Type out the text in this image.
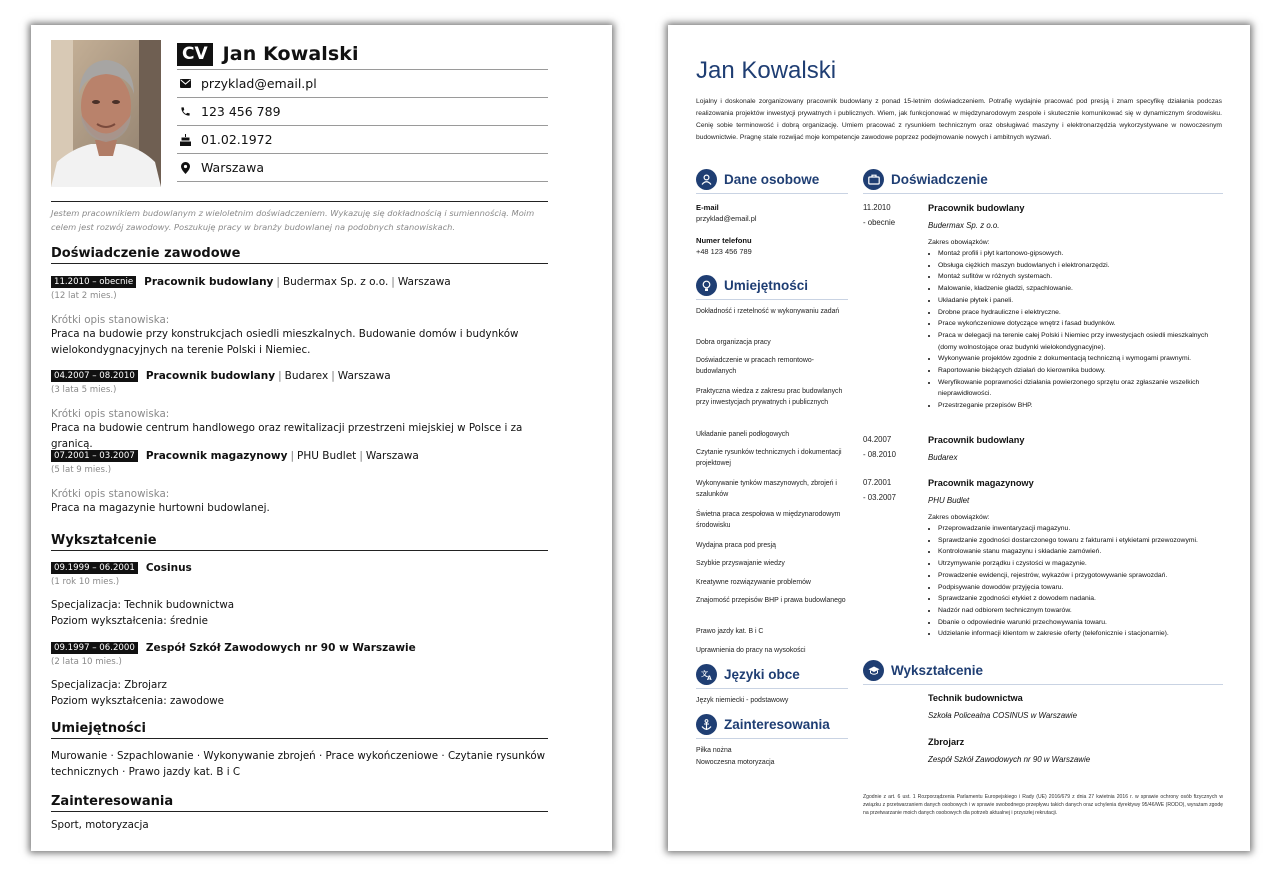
CV Jan Kowalski
przyklad@email.pl
123 456 789
01.02.1972
Warszawa
Jestem pracownikiem budowlanym z wieloletnim doświadczeniem. Wykazuję się dokładnością i sumiennością. Moim celem jest rozwój zawodowy. Poszukuję pracy w branży budowlanej na podobnych stanowiskach.
Doświadczenie zawodowe
11.2010 – obecnie Pracownik budowlany | Budermax Sp. z o.o. | Warszawa
(12 lat 2 mies.)
Krótki opis stanowiska:
Praca na budowie przy konstrukcjach osiedli mieszkalnych. Budowanie domów i budynków wielokondygnacyjnych na terenie Polski i Niemiec.
04.2007 – 08.2010 Pracownik budowlany | Budarex | Warszawa
(3 lata 5 mies.)
Krótki opis stanowiska:
Praca na budowie centrum handlowego oraz rewitalizacji przestrzeni miejskiej w Polsce i za granicą.
07.2001 – 03.2007 Pracownik magazynowy | PHU Budlet | Warszawa
(5 lat 9 mies.)
Krótki opis stanowiska:
Praca na magazynie hurtowni budowlanej.
Wykształcenie
09.1999 – 06.2001 Cosinus
(1 rok 10 mies.)
Specjalizacja: Technik budownictwa
Poziom wykształcenia: średnie
09.1997 – 06.2000 Zespół Szkół Zawodowych nr 90 w Warszawie
(2 lata 10 mies.)
Specjalizacja: Zbrojarz
Poziom wykształcenia: zawodowe
Umiejętności
Murowanie · Szpachlowanie · Wykonywanie zbrojeń · Prace wykończeniowe · Czytanie rysunków
technicznych · Prawo jazdy kat. B i C
Zainteresowania
Sport, motoryzacja
Jan Kowalski
Lojalny i doskonale zorganizowany pracownik budowlany z ponad 15-letnim doświadczeniem. Potrafię wydajnie pracować pod presją i znam specyfikę działania podczas realizowania projektów inwestycji prywatnych i publicznych. Wiem, jak funkcjonować w międzynarodowym zespole i skutecznie komunikować się w dynamicznym środowisku. Cenię sobie terminowość i dobrą organizację. Umiem pracować z rysunkiem technicznym oraz obsługiwać maszyny i elektronarzędzia wykorzystywane w nowoczesnym budownictwie. Pragnę stale rozwijać moje kompetencje zawodowe poprzez podejmowanie nowych i ambitnych wyzwań.
Dane osobowe
E-mail
przyklad@email.pl
Numer telefonu
+48 123 456 789
Umiejętności
Dokładność i rzetelność w wykonywaniu zadań
Dobra organizacja pracy
Doświadczenie w pracach remontowo-budowlanych
Praktyczna wiedza z zakresu prac budowlanych przy inwestycjach prywatnych i publicznych
Układanie paneli podłogowych
Czytanie rysunków technicznych i dokumentacji projektowej
Wykonywanie tynków maszynowych, zbrojeń i szalunków
Świetna praca zespołowa w międzynarodowym środowisku
Wydajna praca pod presją
Szybkie przyswajanie wiedzy
Kreatywne rozwiązywanie problemów
Znajomość przepisów BHP i prawa budowlanego
Prawo jazdy kat. B i C
Uprawnienia do pracy na wysokości
文
A Języki obce
Język niemiecki - podstawowy
Zainteresowania
Piłka nożna
Nowoczesna motoryzacja
Doświadczenie
11.2010
- obecnie
Pracownik budowlany
Budermax Sp. z o.o.
Zakres obowiązków:
• Montaż profili i płyt kartonowo-gipsowych.
• Obsługa ciężkich maszyn budowlanych i elektronarzędzi.
• Montaż sufitów w różnych systemach.
• Malowanie, kładzenie gładzi, szpachlowanie.
• Układanie płytek i paneli.
• Drobne prace hydrauliczne i elektryczne.
• Prace wykończeniowe dotyczące wnętrz i fasad budynków.
• Praca w delegacji na terenie całej Polski i Niemiec przy inwestycjach osiedli mieszkalnych (domy wolnostojące oraz budynki wielokondygnacyjne).
• Wykonywanie projektów zgodnie z dokumentacją techniczną i wymogami prawnymi.
• Raportowanie bieżących działań do kierownika budowy.
• Weryfikowanie poprawności działania powierzonego sprzętu oraz zgłaszanie wszelkich nieprawidłowości.
• Przestrzeganie przepisów BHP.
04.2007
- 08.2010
Pracownik budowlany
Budarex
07.2001
- 03.2007
Pracownik magazynowy
PHU Budlet
Zakres obowiązków:
• Przeprowadzanie inwentaryzacji magazynu.
• Sprawdzanie zgodności dostarczonego towaru z fakturami i etykietami przewozowymi.
• Kontrolowanie stanu magazynu i składanie zamówień.
• Utrzymywanie porządku i czystości w magazynie.
• Prowadzenie ewidencji, rejestrów, wykazów i przygotowywanie sprawozdań.
• Podpisywanie dowodów przyjęcia towaru.
• Sprawdzanie zgodności etykiet z dowodem nadania.
• Nadzór nad odbiorem technicznym towarów.
• Dbanie o odpowiednie warunki przechowywania towaru.
• Udzielanie informacji klientom w zakresie oferty (telefonicznie i stacjonarnie).
Wykształcenie
Technik budownictwa
Szkoła Policealna COSINUS w Warszawie
Zbrojarz
Zespół Szkół Zawodowych nr 90 w Warszawie
Zgodnie z art. 6 ust. 1 Rozporządzenia Parlamentu Europejskiego i Rady (UE) 2016/679 z dnia 27 kwietnia 2016 r. w sprawie ochrony osób fizycznych w związku z przetwarzaniem danych osobowych i w sprawie swobodnego przepływu takich danych oraz uchylenia dyrektywy 95/46/WE (RODO), wyrażam zgodę na przetwarzanie moich danych osobowych dla potrzeb aktualnej i przyszłej rekrutacji.
